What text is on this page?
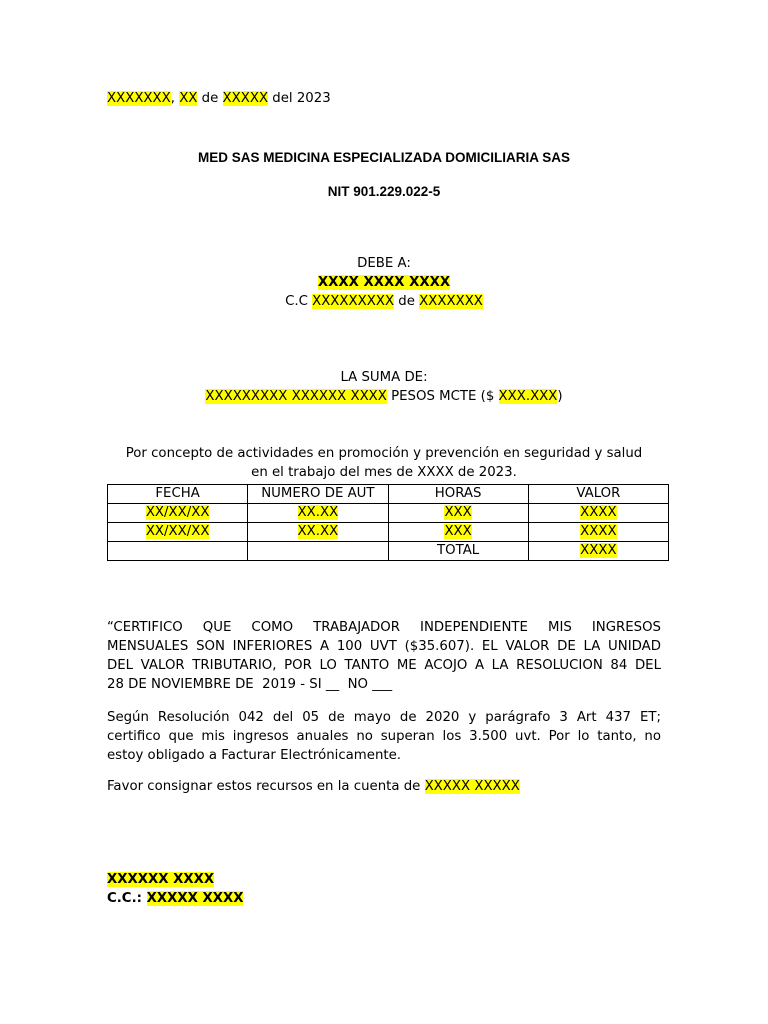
XXXXXXX, XX de XXXXX del 2023
MED SAS MEDICINA ESPECIALIZADA DOMICILIARIA SAS
NIT 901.229.022-5
DEBE A:
XXXX XXXX XXXX
C.C XXXXXXXXX de XXXXXXX
LA SUMA DE:
XXXXXXXXX XXXXXX XXXX PESOS MCTE ($ XXX.XXX)
Por concepto de actividades en promoción y prevención en seguridad y salud
en el trabajo del mes de XXXX de 2023.
FECHA	NUMERO DE AUT	HORAS	VALOR
XX/XX/XX	XX.XX	XXX	XXXX
XX/XX/XX	XX.XX	XXX	XXXX
		TOTAL	XXXX

“CERTIFICO QUE COMO TRABAJADOR INDEPENDIENTE MIS INGRESOS

MENSUALES SON INFERIORES A 100 UVT ($35.607). EL VALOR DE LA UNIDAD

DEL VALOR TRIBUTARIO, POR LO TANTO ME ACOJO A LA RESOLUCION 84 DEL

28 DE NOVIEMBRE DE  2019 - SI __  NO ___

Según Resolución 042 del 05 de mayo de 2020 y parágrafo 3 Art 437 ET;

certifico que mis ingresos anuales no superan los 3.500 uvt. Por lo tanto, no

estoy obligado a Facturar Electrónicamente.

Favor consignar estos recursos en la cuenta de XXXXX XXXXX
XXXXXX XXXX
C.C.: XXXXX XXXX
